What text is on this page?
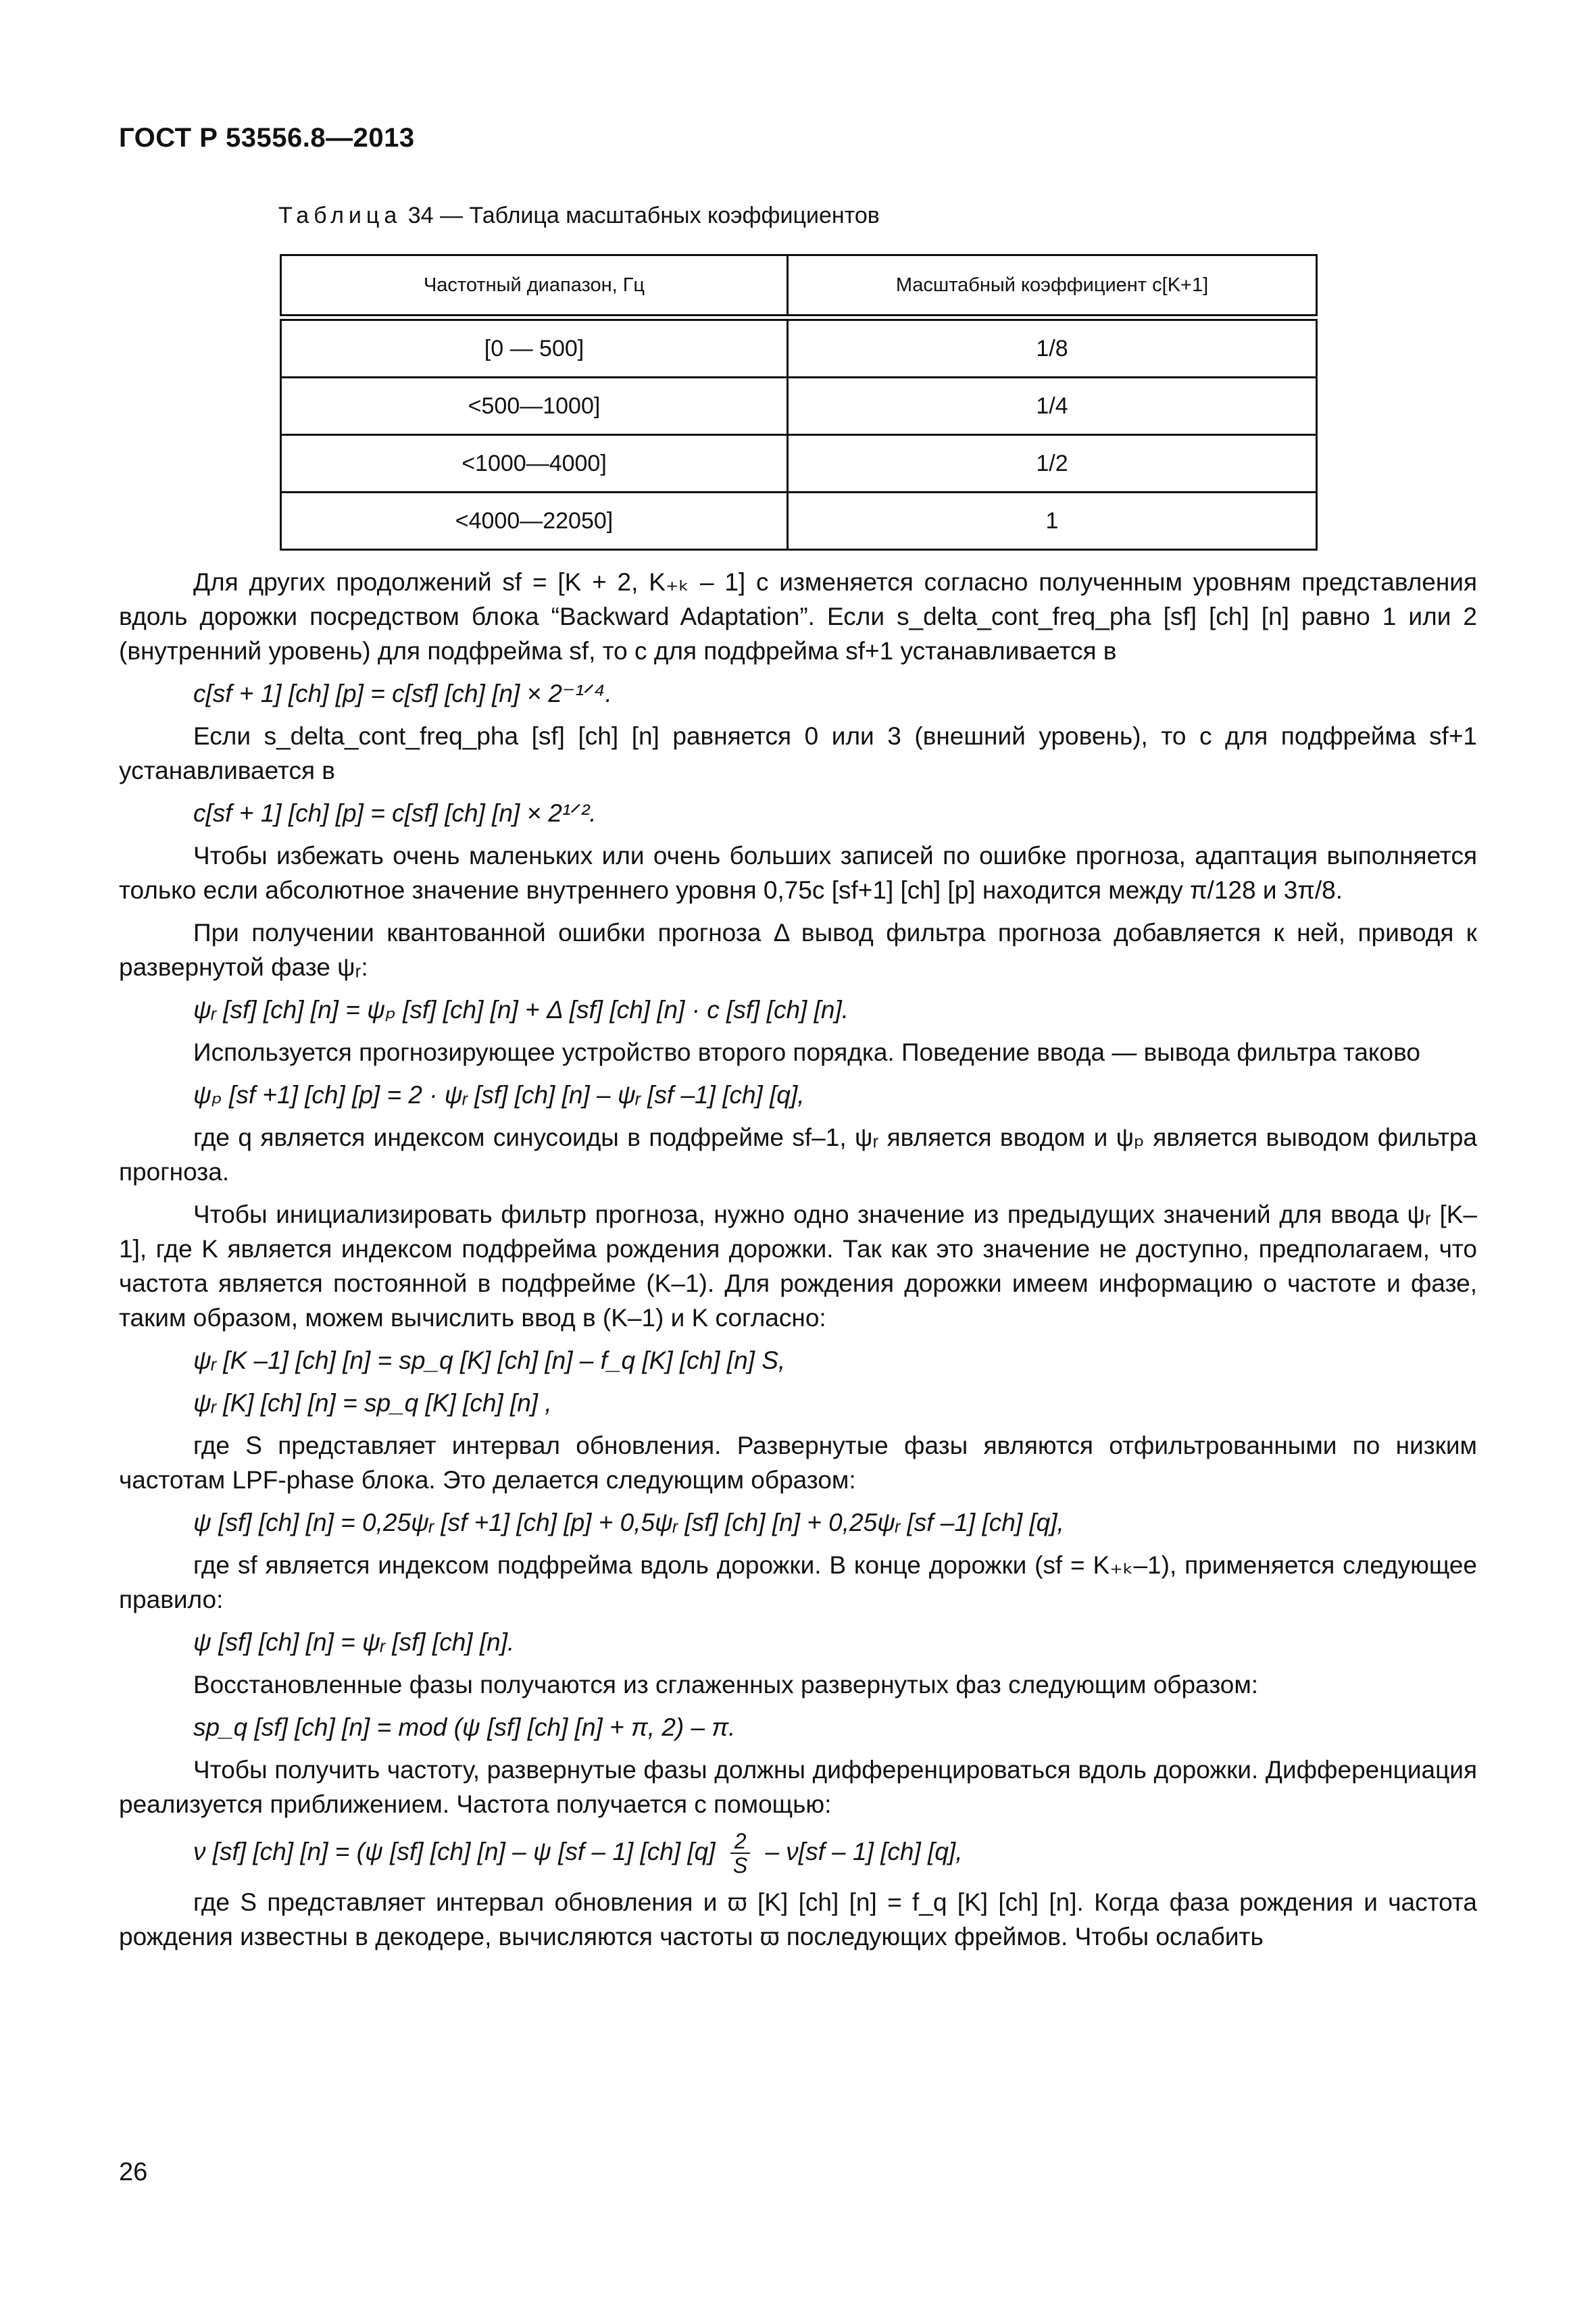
ГОСТ Р 53556.8—2013
Таблица 34 — Таблица масштабных коэффициентов
Частотный диапазон, Гц	Масштабный коэффициент c[K+1]
[0 — 500]	1/8
<500—1000]	1/4
<1000—4000]	1/2
<4000—22050]	1

Для других продолжений sf = [K + 2, K₊ₖ – 1] c изменяется согласно полученным уровням представления вдоль дорожки посредством блока “Backward Adaptation”. Если s_delta_cont_freq_pha [sf] [ch] [n] равно 1 или 2 (внутренний уровень) для подфрейма sf, то c для подфрейма sf+1 устанавливается в

c[sf + 1] [ch] [p] = c[sf] [ch] [n] × 2⁻¹ᐟ⁴.

Если s_delta_cont_freq_pha [sf] [ch] [n] равняется 0 или 3 (внешний уровень), то c для подфрейма sf+1 устанавливается в

c[sf + 1] [ch] [p] = c[sf] [ch] [n] × 2¹ᐟ².

Чтобы избежать очень маленьких или очень больших записей по ошибке прогноза, адаптация выполняется только если абсолютное значение внутреннего уровня 0,75c [sf+1] [ch] [p] находится между π/128 и 3π/8.

При получении квантованной ошибки прогноза Δ вывод фильтра прогноза добавляется к ней, приводя к развернутой фазе ψᵣ:

ψᵣ [sf] [ch] [n] = ψₚ [sf] [ch] [n] + Δ [sf] [ch] [n] · c [sf] [ch] [n].

Используется прогнозирующее устройство второго порядка. Поведение ввода — вывода фильтра таково

ψₚ [sf +1] [ch] [p] = 2 · ψᵣ [sf] [ch] [n] – ψᵣ [sf –1] [ch] [q],

где q является индексом синусоиды в подфрейме sf–1, ψᵣ является вводом и ψₚ является выводом фильтра прогноза.

Чтобы инициализировать фильтр прогноза, нужно одно значение из предыдущих значений для ввода ψᵣ [K–1], где K является индексом подфрейма рождения дорожки. Так как это значение не доступно, предполагаем, что частота является постоянной в подфрейме (K–1). Для рождения дорожки имеем информацию о частоте и фазе, таким образом, можем вычислить ввод в (K–1) и K согласно:

ψᵣ [K –1] [ch] [n] = sp_q [K] [ch] [n] – f_q [K] [ch] [n] S,

ψᵣ [K] [ch] [n] = sp_q [K] [ch] [n] ,

где S представляет интервал обновления. Развернутые фазы являются отфильтрованными по низким частотам LPF-phase блока. Это делается следующим образом:

ψ [sf] [ch] [n] = 0,25ψᵣ [sf +1] [ch] [p] + 0,5ψᵣ [sf] [ch] [n] + 0,25ψᵣ [sf –1] [ch] [q],

где sf является индексом подфрейма вдоль дорожки. В конце дорожки (sf = K₊ₖ–1), применяется следующее правило:

ψ [sf] [ch] [n] = ψᵣ [sf] [ch] [n].

Восстановленные фазы получаются из сглаженных развернутых фаз следующим образом:

sp_q [sf] [ch] [n] = mod (ψ [sf] [ch] [n] + π, 2) – π.

Чтобы получить частоту, развернутые фазы должны дифференцироваться вдоль дорожки. Дифференциация реализуется приближением. Частота получается с помощью:

ν [sf] [ch] [n] = (ψ [sf] [ch] [n] – ψ [sf – 1] [ch] $[q] \frac{2}{S} - \nu[sf - 1]$ [ch] [q],

где S представляет интервал обновления и ϖ [K] [ch] [n] = f_q [K] [ch] [n]. Когда фаза рождения и частота рождения известны в декодере, вычисляются частоты ϖ последующих фреймов. Чтобы ослабить

26
